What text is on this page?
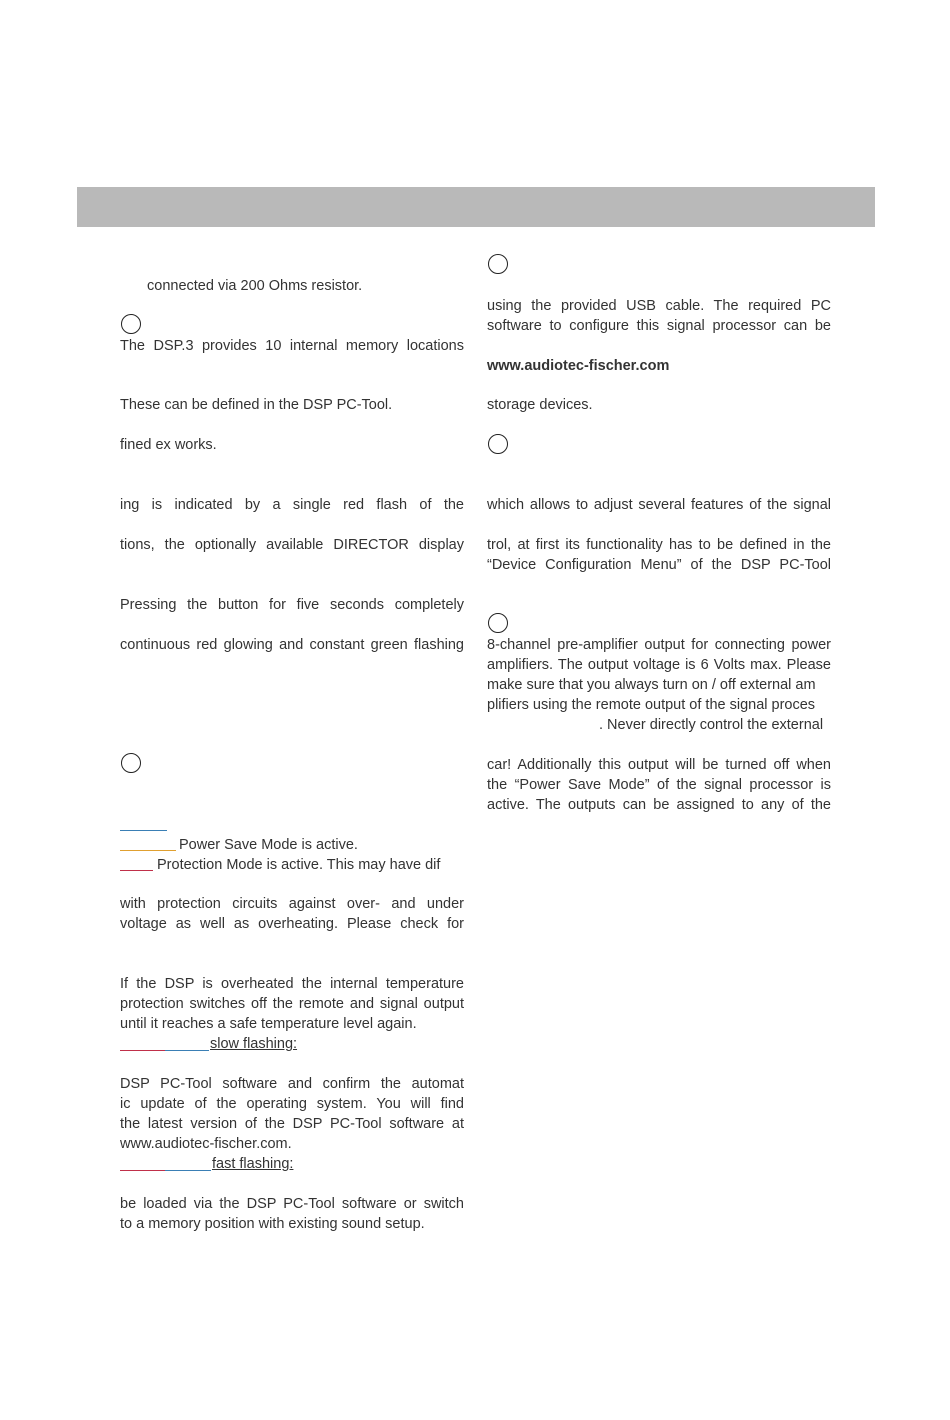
connected via 200 Ohms resistor.
The DSP.3 provides 10 internal memory locations
These can be defined in the DSP PC-Tool.
fined ex works.
ing is indicated by a single red flash of the
tions, the optionally available DIRECTOR display
Pressing the button for five seconds completely
continuous red glowing and constant green flashing
Power Save Mode is active.
Protection Mode is active. This may have dif
with protection circuits against over- and under
voltage as well as overheating. Please check for
If the DSP is overheated the internal temperature
protection switches off the remote and signal output
until it reaches a safe temperature level again.
slow flashing:
DSP PC-Tool software and confirm the automat
ic update of the operating system. You will find
the latest version of the DSP PC-Tool software at
www.audiotec-fischer.com.
fast flashing:
be loaded via the DSP PC-Tool software or switch
to a memory position with existing sound setup.
using the provided USB cable. The required PC
software to configure this signal processor can be
www.audiotec-fischer.com
storage devices.
which allows to adjust several features of the signal
trol, at first its functionality has to be defined in the
“Device Configuration Menu” of the DSP PC-Tool
8-channel pre-amplifier output for connecting power
amplifiers. The output voltage is 6 Volts max. Please
make sure that you always turn on / off external am
plifiers using the remote output of the signal proces
. Never directly control the external
car! Additionally this output will be turned off when
the “Power Save Mode” of the signal processor is
active. The outputs can be assigned to any of the
